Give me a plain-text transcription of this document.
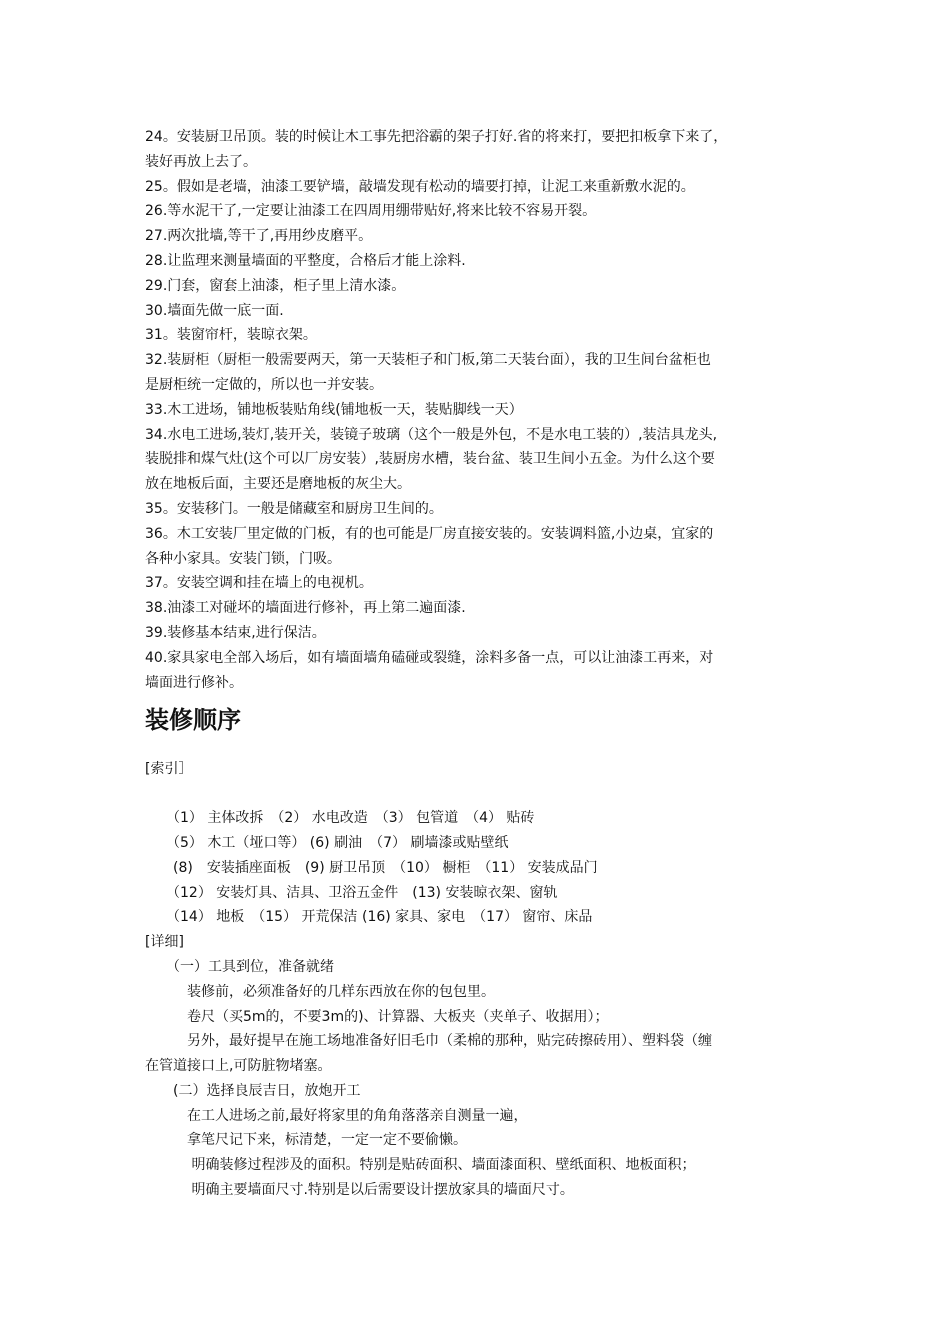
24。安装厨卫吊顶。装的时候让木工事先把浴霸的架子打好.省的将来打，要把扣板拿下来了，
装好再放上去了。
25。假如是老墙，油漆工要铲墙，敲墙发现有松动的墙要打掉，让泥工来重新敷水泥的。
26.等水泥干了,一定要让油漆工在四周用绷带贴好,将来比较不容易开裂。
27.两次批墙,等干了,再用纱皮磨平。
28.让监理来测量墙面的平整度，合格后才能上涂料.
29.门套，窗套上油漆，柜子里上清水漆。
30.墙面先做一底一面.
31。装窗帘杆，装晾衣架。
32.装厨柜（厨柜一般需要两天，第一天装柜子和门板,第二天装台面），我的卫生间台盆柜也
是厨柜统一定做的，所以也一并安装。
33.木工进场，铺地板装贴角线(铺地板一天，装贴脚线一天）
34.水电工进场,装灯,装开关，装镜子玻璃（这个一般是外包，不是水电工装的）,装洁具龙头,
装脱排和煤气灶(这个可以厂房安装）,装厨房水槽，装台盆、装卫生间小五金。为什么这个要
放在地板后面，主要还是磨地板的灰尘大。
35。安装移门。一般是储藏室和厨房卫生间的。
36。木工安装厂里定做的门板，有的也可能是厂房直接安装的。安装调料篮,小边桌，宜家的
各种小家具。安装门锁，门吸。
37。安装空调和挂在墙上的电视机。
38.油漆工对碰坏的墙面进行修补，再上第二遍面漆.
39.装修基本结束,进行保洁。
40.家具家电全部入场后，如有墙面墙角磕碰或裂缝，涂料多备一点，可以让油漆工再来，对
墙面进行修补。
装修顺序
[索引］
　　（1） 主体改拆　（2） 水电改造　（3） 包管道　（4） 贴砖
　　（5） 木工（垭口等） (6) 刷油　（7） 刷墙漆或贴壁纸
　　(8)　安装插座面板　(9) 厨卫吊顶　（10） 橱柜　（11） 安装成品门
　　（12） 安装灯具、洁具、卫浴五金件　(13) 安装晾衣架、窗轨
　　（14） 地板　（15） 开荒保洁 (16) 家具、家电　（17） 窗帘、床品
[详细]
　　（一）工具到位，准备就绪
　　　装修前，必须准备好的几样东西放在你的包包里。
　　　卷尺（买5m的，不要3m的)、计算器、大板夹（夹单子、收据用）；
　　　另外，最好提早在施工场地准备好旧毛巾（柔棉的那种，贴完砖擦砖用）、塑料袋（缠
在管道接口上,可防脏物堵塞。
　　(二）选择良辰吉日，放炮开工
　　　在工人进场之前,最好将家里的角角落落亲自测量一遍，
　　　拿笔尺记下来，标清楚，一定一定不要偷懒。
　　　 明确装修过程涉及的面积。特别是贴砖面积、墙面漆面积、壁纸面积、地板面积；
　　　 明确主要墙面尺寸.特别是以后需要设计摆放家具的墙面尺寸。
